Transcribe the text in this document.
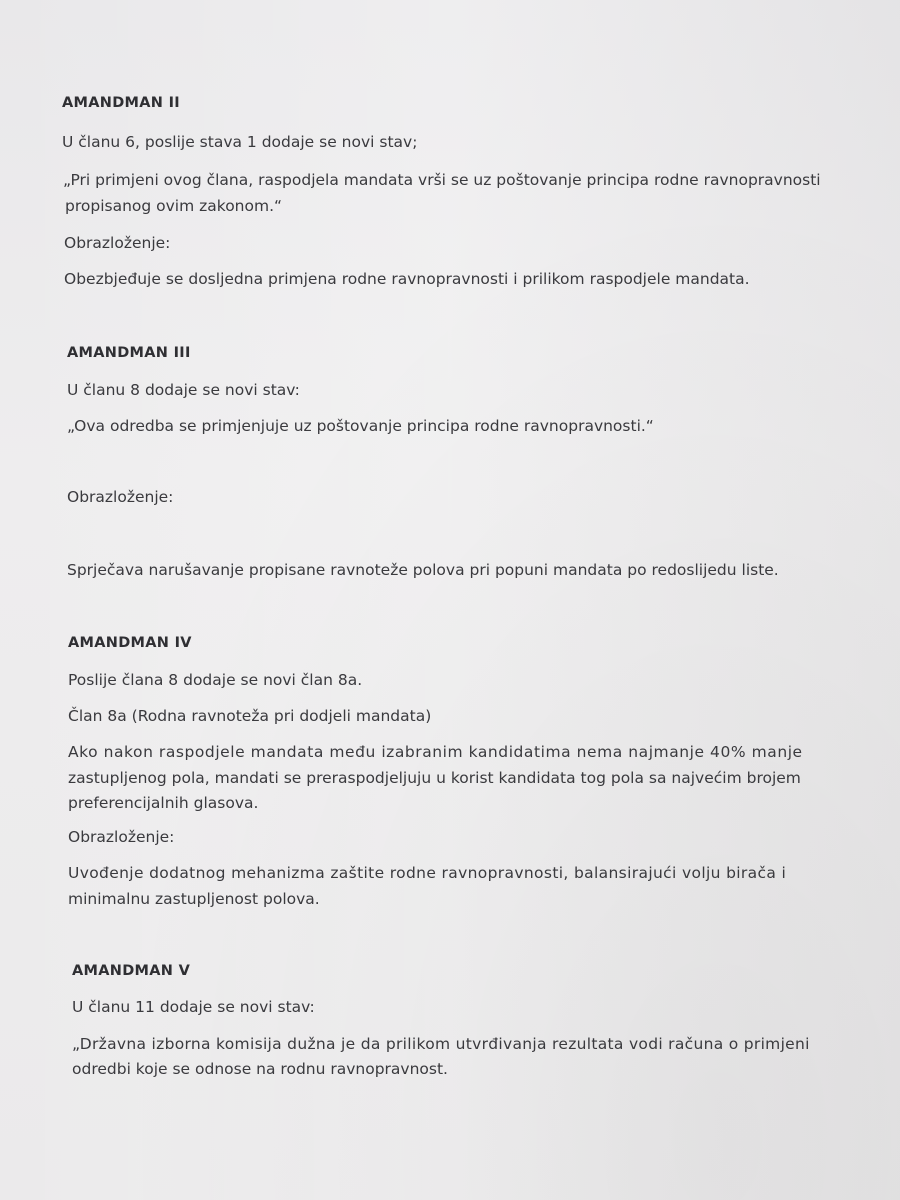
AMANDMAN II
U članu 6, poslije stava 1 dodaje se novi stav;
„Pri primjeni ovog člana, raspodjela mandata vrši se uz poštovanje principa rodne ravnopravnosti
propisanog ovim zakonom.“
Obrazloženje:
Obezbjeđuje se dosljedna primjena rodne ravnopravnosti i prilikom raspodjele mandata.
AMANDMAN III
U članu 8 dodaje se novi stav:
„Ova odredba se primjenjuje uz poštovanje principa rodne ravnopravnosti.“
Obrazloženje:
Sprječava narušavanje propisane ravnoteže polova pri popuni mandata po redoslijedu liste.
AMANDMAN IV
Poslije člana 8 dodaje se novi član 8a.
Član 8a (Rodna ravnoteža pri dodjeli mandata)
Ako nakon raspodjele mandata među izabranim kandidatima nema najmanje 40% manje
zastupljenog pola, mandati se preraspodjeljuju u korist kandidata tog pola sa najvećim brojem
preferencijalnih glasova.
Obrazloženje:
Uvođenje dodatnog mehanizma zaštite rodne ravnopravnosti, balansirajući volju birača i
minimalnu zastupljenost polova.
AMANDMAN V
U članu 11 dodaje se novi stav:
„Državna izborna komisija dužna je da prilikom utvrđivanja rezultata vodi računa o primjeni
odredbi koje se odnose na rodnu ravnopravnost.
